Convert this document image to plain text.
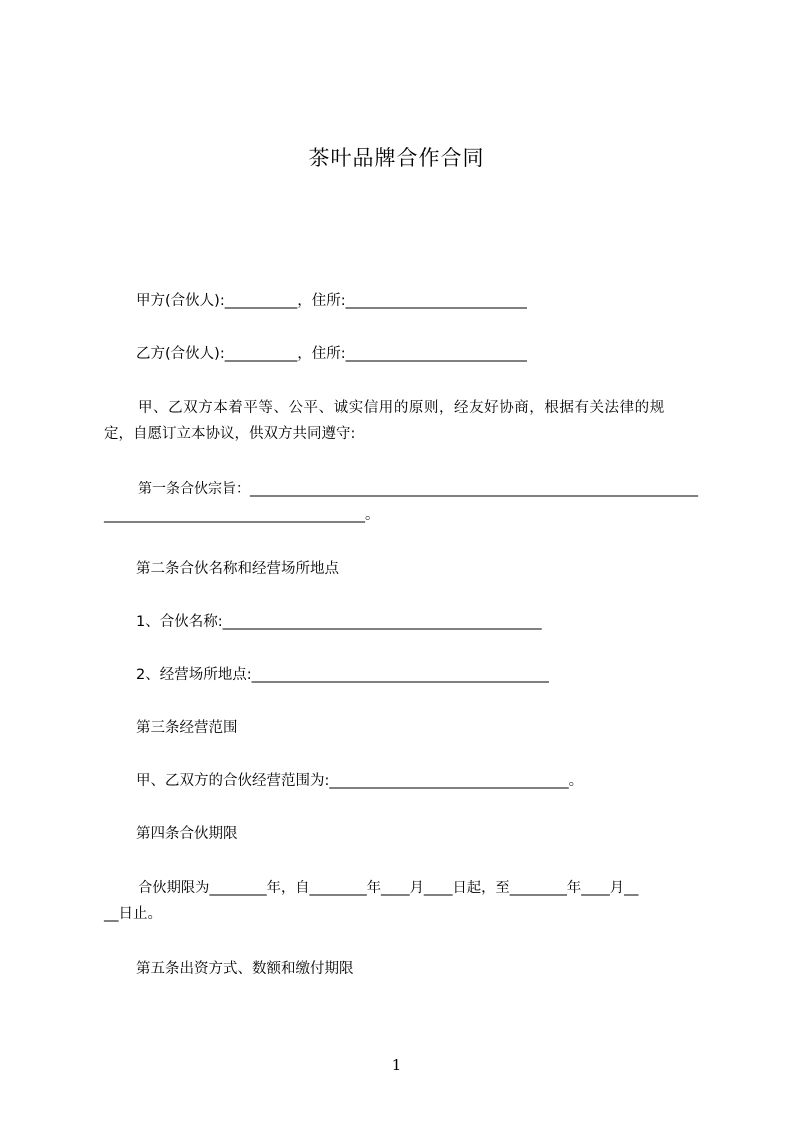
茶叶品牌合作合同
甲方(合伙人):__________，住所:_________________________
乙方(合伙人):__________，住所:_________________________
甲、乙双方本着平等、公平、诚实信用的原则，经友好协商，根据有关法律的规
定，自愿订立本协议，供双方共同遵守:
第一条合伙宗旨：________________________________________________________________
____________________________________。
第二条合伙名称和经营场所地点
1、合伙名称:____________________________________________
2、经营场所地点:_________________________________________
第三条经营范围
甲、乙双方的合伙经营范围为:_________________________________。
第四条合伙期限
合伙期限为________年，自________年____月____日起，至________年____月__
__日止。
第五条出资方式、数额和缴付期限
1
